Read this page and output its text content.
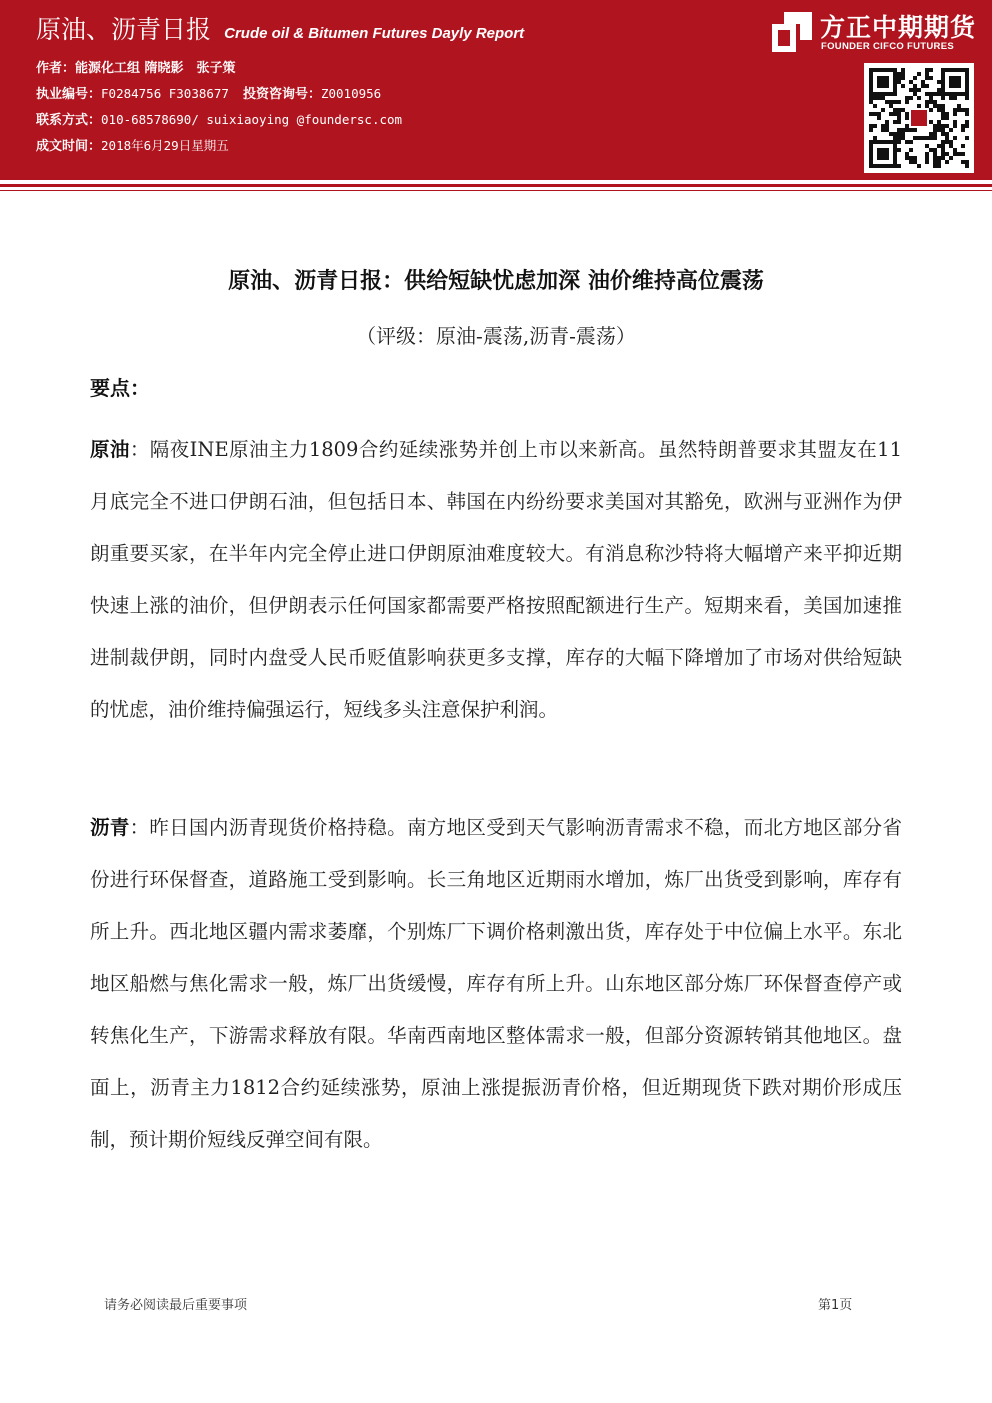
原油、沥青日报 Crude oil & Bitumen Futures Dayly Report
作者：能源化工组 隋晓影　张子策
执业编号：F0284756 F3038677 投资咨询号：Z0010956
联系方式：010-68578690/ suixiaoying @foundersc.com
成文时间：2018年6月29日星期五
方正中期期货
FOUNDER CIFCO FUTURES
原油、沥青日报：供给短缺忧虑加深 油价维持高位震荡
（评级：原油-震荡,沥青-震荡）
要点：

原油：隔夜INE原油主力1809合约延续涨势并创上市以来新高。虽然特朗普要求其盟友在11月底完全不进口伊朗石油，但包括日本、韩国在内纷纷要求美国对其豁免，欧洲与亚洲作为伊朗重要买家，在半年内完全停止进口伊朗原油难度较大。有消息称沙特将大幅增产来平抑近期快速上涨的油价，但伊朗表示任何国家都需要严格按照配额进行生产。短期来看，美国加速推进制裁伊朗，同时内盘受人民币贬值影响获更多支撑，库存的大幅下降增加了市场对供给短缺的忧虑，油价维持偏强运行，短线多头注意保护利润。

沥青：昨日国内沥青现货价格持稳。南方地区受到天气影响沥青需求不稳，而北方地区部分省份进行环保督查，道路施工受到影响。长三角地区近期雨水增加，炼厂出货受到影响，库存有所上升。西北地区疆内需求萎靡，个别炼厂下调价格刺激出货，库存处于中位偏上水平。东北地区船燃与焦化需求一般，炼厂出货缓慢，库存有所上升。山东地区部分炼厂环保督查停产或转焦化生产，下游需求释放有限。华南西南地区整体需求一般，但部分资源转销其他地区。盘面上，沥青主力1812合约延续涨势，原油上涨提振沥青价格，但近期现货下跌对期价形成压制，预计期价短线反弹空间有限。

请务必阅读最后重要事项	第1页
